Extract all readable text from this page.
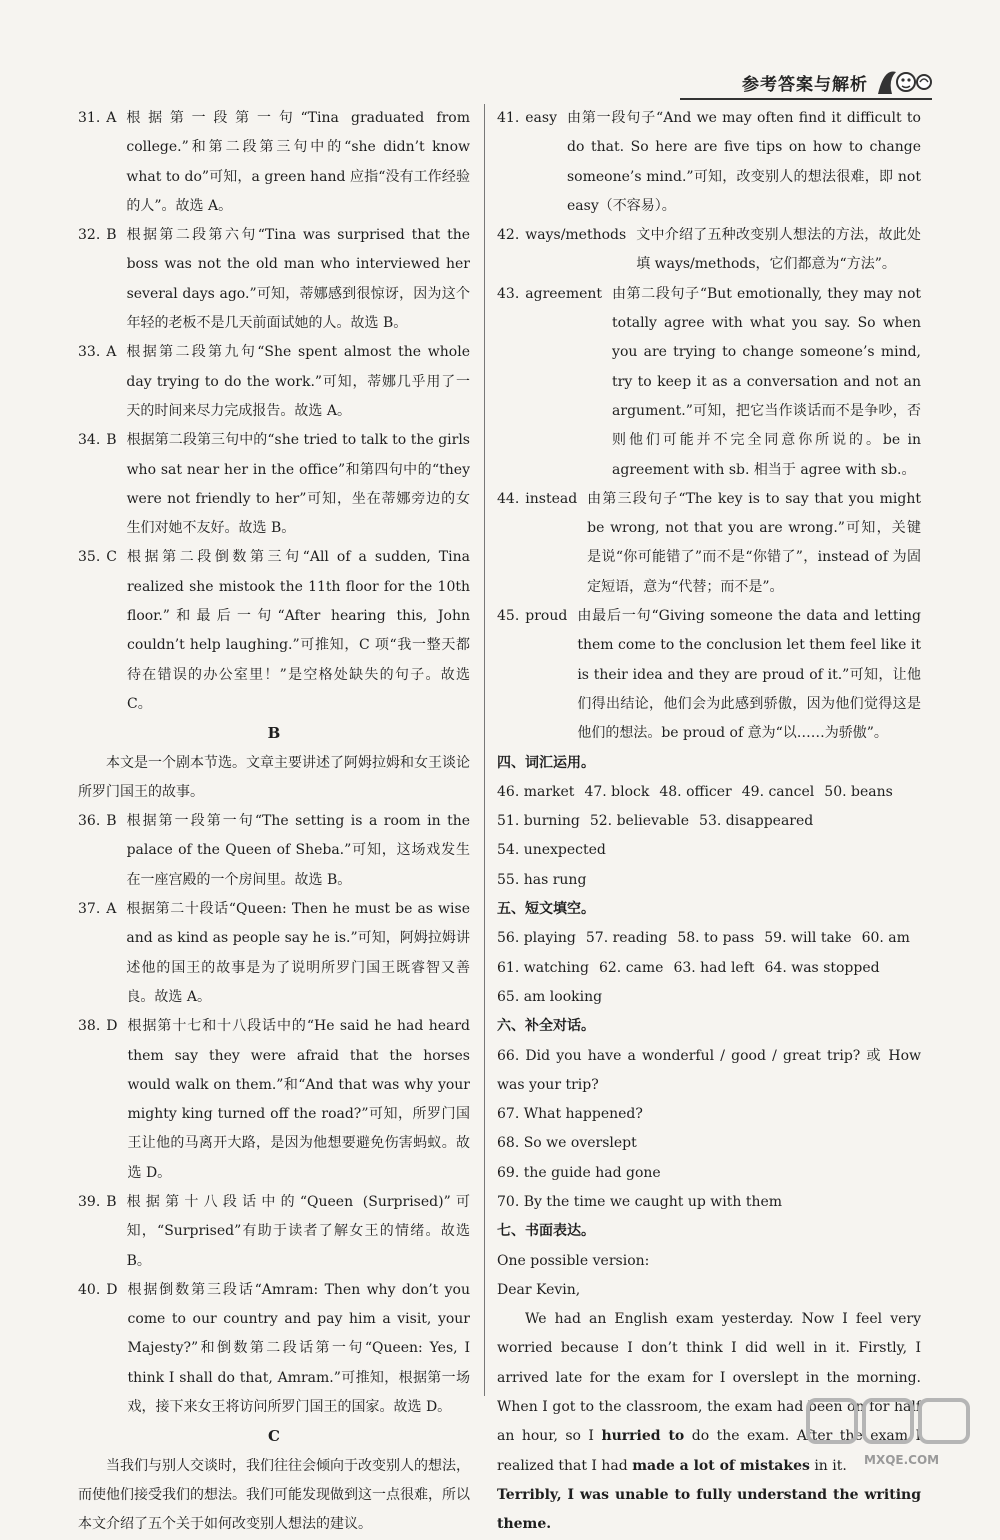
参考答案与解析
31. A 根据第一段第一句“Tina graduated from college.”和第二段第三句中的“she didn’t know what to do”可知，a green hand 应指“没有工作经验的人”。故选 A。
32. B 根据第二段第六句“Tina was surprised that the boss was not the old man who interviewed her several days ago.”可知，蒂娜感到很惊讶，因为这个年轻的老板不是几天前面试她的人。故选 B。
33. A 根据第二段第九句“She spent almost the whole day trying to do the work.”可知，蒂娜几乎用了一天的时间来尽力完成报告。故选 A。
34. B 根据第二段第三句中的“she tried to talk to the girls who sat near her in the office”和第四句中的“they were not friendly to her”可知，坐在蒂娜旁边的女生们对她不友好。故选 B。
35. C 根据第二段倒数第三句“All of a sudden, Tina realized she mistook the 11th floor for the 10th floor.”和最后一句“After hearing this, John couldn’t help laughing.”可推知，C 项“我一整天都待在错误的办公室里！”是空格处缺失的句子。故选 C。
B
本文是一个剧本节选。文章主要讲述了阿姆拉姆和女王谈论所罗门国王的故事。
36. B 根据第一段第一句“The setting is a room in the palace of the Queen of Sheba.”可知，这场戏发生在一座宫殿的一个房间里。故选 B。
37. A 根据第二十段话“Queen: Then he must be as wise and as kind as people say he is.”可知，阿姆拉姆讲述他的国王的故事是为了说明所罗门国王既睿智又善良。故选 A。
38. D 根据第十七和十八段话中的“He said he had heard them say they were afraid that the horses would walk on them.”和“And that was why your mighty king turned off the road?”可知，所罗门国王让他的马离开大路，是因为他想要避免伤害蚂蚁。故选 D。
39. B 根据第十八段话中的“Queen (Surprised)”可知，“Surprised”有助于读者了解女王的情绪。故选 B。
40. D 根据倒数第三段话“Amram: Then why don’t you come to our country and pay him a visit, your Majesty?”和倒数第二段话第一句“Queen: Yes, I think I shall do that, Amram.”可推知，根据第一场戏，接下来女王将访问所罗门国王的国家。故选 D。
C
当我们与别人交谈时，我们往往会倾向于改变别人的想法，而使他们接受我们的想法。我们可能发现做到这一点很难，所以本文介绍了五个关于如何改变别人想法的建议。
41. easy 由第一段句子“And we may often find it difficult to do that. So here are five tips on how to change someone’s mind.”可知，改变别人的想法很难，即 not easy（不容易）。
42. ways/methods 文中介绍了五种改变别人想法的方法，故此处填 ways/methods，它们都意为“方法”。
43. agreement 由第二段句子“But emotionally, they may not totally agree with what you say. So when you are trying to change someone’s mind, try to keep it as a conversation and not an argument.”可知，把它当作谈话而不是争吵，否则他们可能并不完全同意你所说的。be in agreement with sb. 相当于 agree with sb.。
44. instead 由第三段句子“The key is to say that you might be wrong, not that you are wrong.”可知，关键是说“你可能错了”而不是“你错了”，instead of 为固定短语，意为“代替；而不是”。
45. proud 由最后一句“Giving someone the data and letting them come to the conclusion let them feel like it is their idea and they are proud of it.”可知，让他们得出结论，他们会为此感到骄傲，因为他们觉得这是他们的想法。be proud of 意为“以……为骄傲”。
四、词汇运用。
46. market 47. block 48. officer 49. cancel 50. beans
51. burning 52. believable 53. disappeared
54. unexpected
55. has rung
五、短文填空。
56. playing 57. reading 58. to pass 59. will take 60. am
61. watching 62. came 63. had left 64. was stopped
65. am looking
六、补全对话。
66. Did you have a wonderful / good / great trip? 或 How was your trip?
67. What happened?
68. So we overslept
69. the guide had gone
70. By the time we caught up with them
七、书面表达。
One possible version:
Dear Kevin,
We had an English exam yesterday. Now I feel very worried because I don’t think I did well in it. Firstly, I arrived late for the exam for I overslept in the morning. When I got to the classroom, the exam had been on for half an hour, so I hurried to do the exam. After the exam I realized that I had made a lot of mistakes in it.
Terribly, I was unable to fully understand the writing theme.
MXQE.COM
